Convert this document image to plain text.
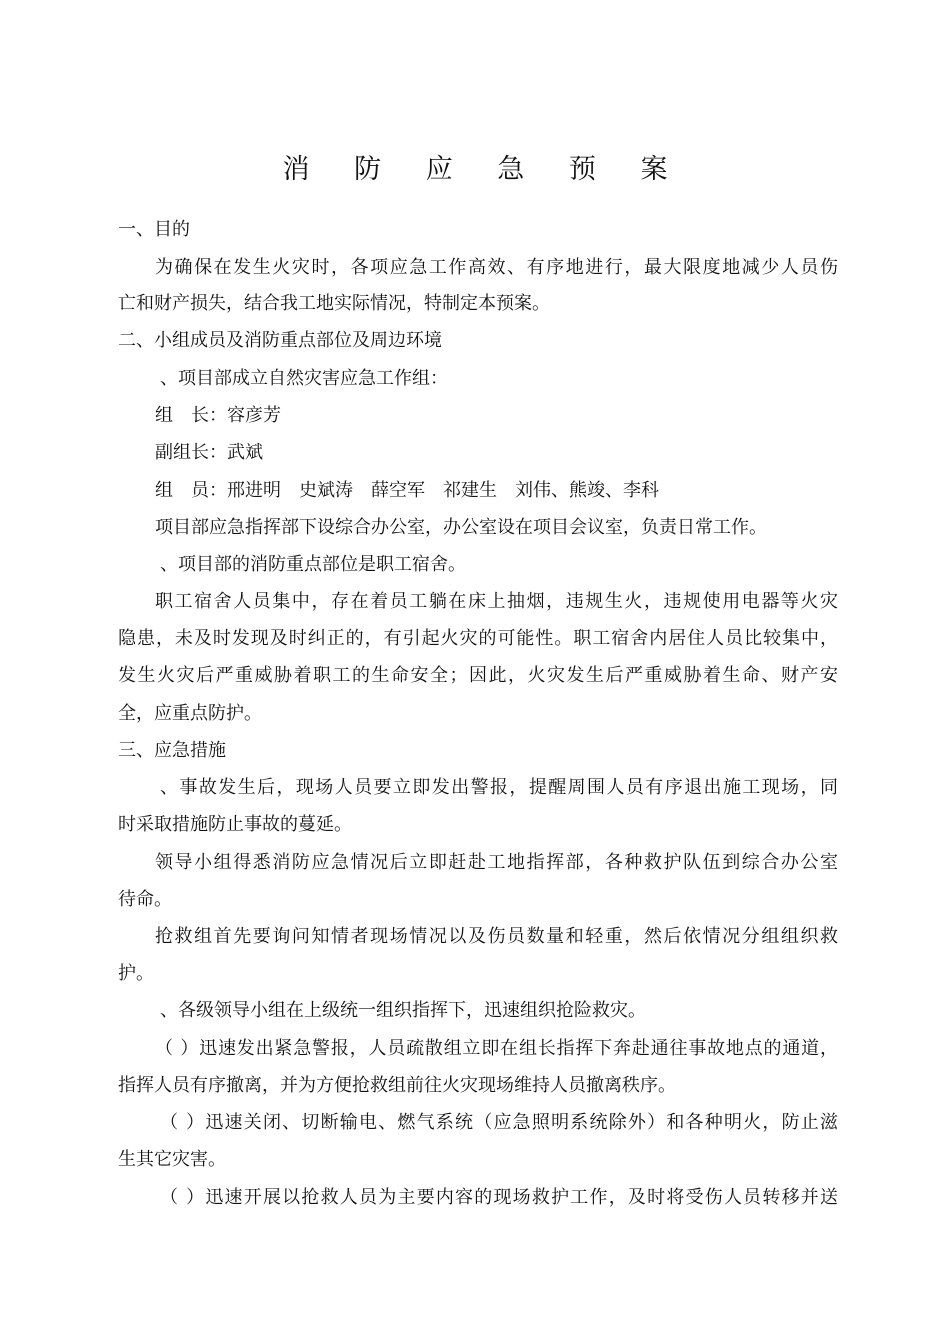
消 防 应 急 预 案
一、目的
为确保在发生火灾时，各项应急工作高效、有序地进行，最大限度地减少人员伤
亡和财产损失，结合我工地实际情况，特制定本预案。
二、小组成员及消防重点部位及周边环境
、项目部成立自然灾害应急工作组：
组　长：容彦芳
副组长：武斌
组　员：邢进明　史斌涛　薛空军　祁建生　刘伟、熊竣、李科
项目部应急指挥部下设综合办公室，办公室设在项目会议室，负责日常工作。
、项目部的消防重点部位是职工宿舍。
职工宿舍人员集中，存在着员工躺在床上抽烟，违规生火，违规使用电器等火灾
隐患，未及时发现及时纠正的，有引起火灾的可能性。职工宿舍内居住人员比较集中，
发生火灾后严重威胁着职工的生命安全；因此，火灾发生后严重威胁着生命、财产安
全，应重点防护。
三、应急措施
、事故发生后，现场人员要立即发出警报，提醒周围人员有序退出施工现场，同
时采取措施防止事故的蔓延。
领导小组得悉消防应急情况后立即赶赴工地指挥部，各种救护队伍到综合办公室
待命。
抢救组首先要询问知情者现场情况以及伤员数量和轻重，然后依情况分组组织救
护。
、各级领导小组在上级统一组织指挥下，迅速组织抢险救灾。
（ ）迅速发出紧急警报，人员疏散组立即在组长指挥下奔赴通往事故地点的通道，
指挥人员有序撤离，并为方便抢救组前往火灾现场维持人员撤离秩序。
（ ）迅速关闭、切断输电、燃气系统（应急照明系统除外）和各种明火，防止滋
生其它灾害。
（ ）迅速开展以抢救人员为主要内容的现场救护工作，及时将受伤人员转移并送
